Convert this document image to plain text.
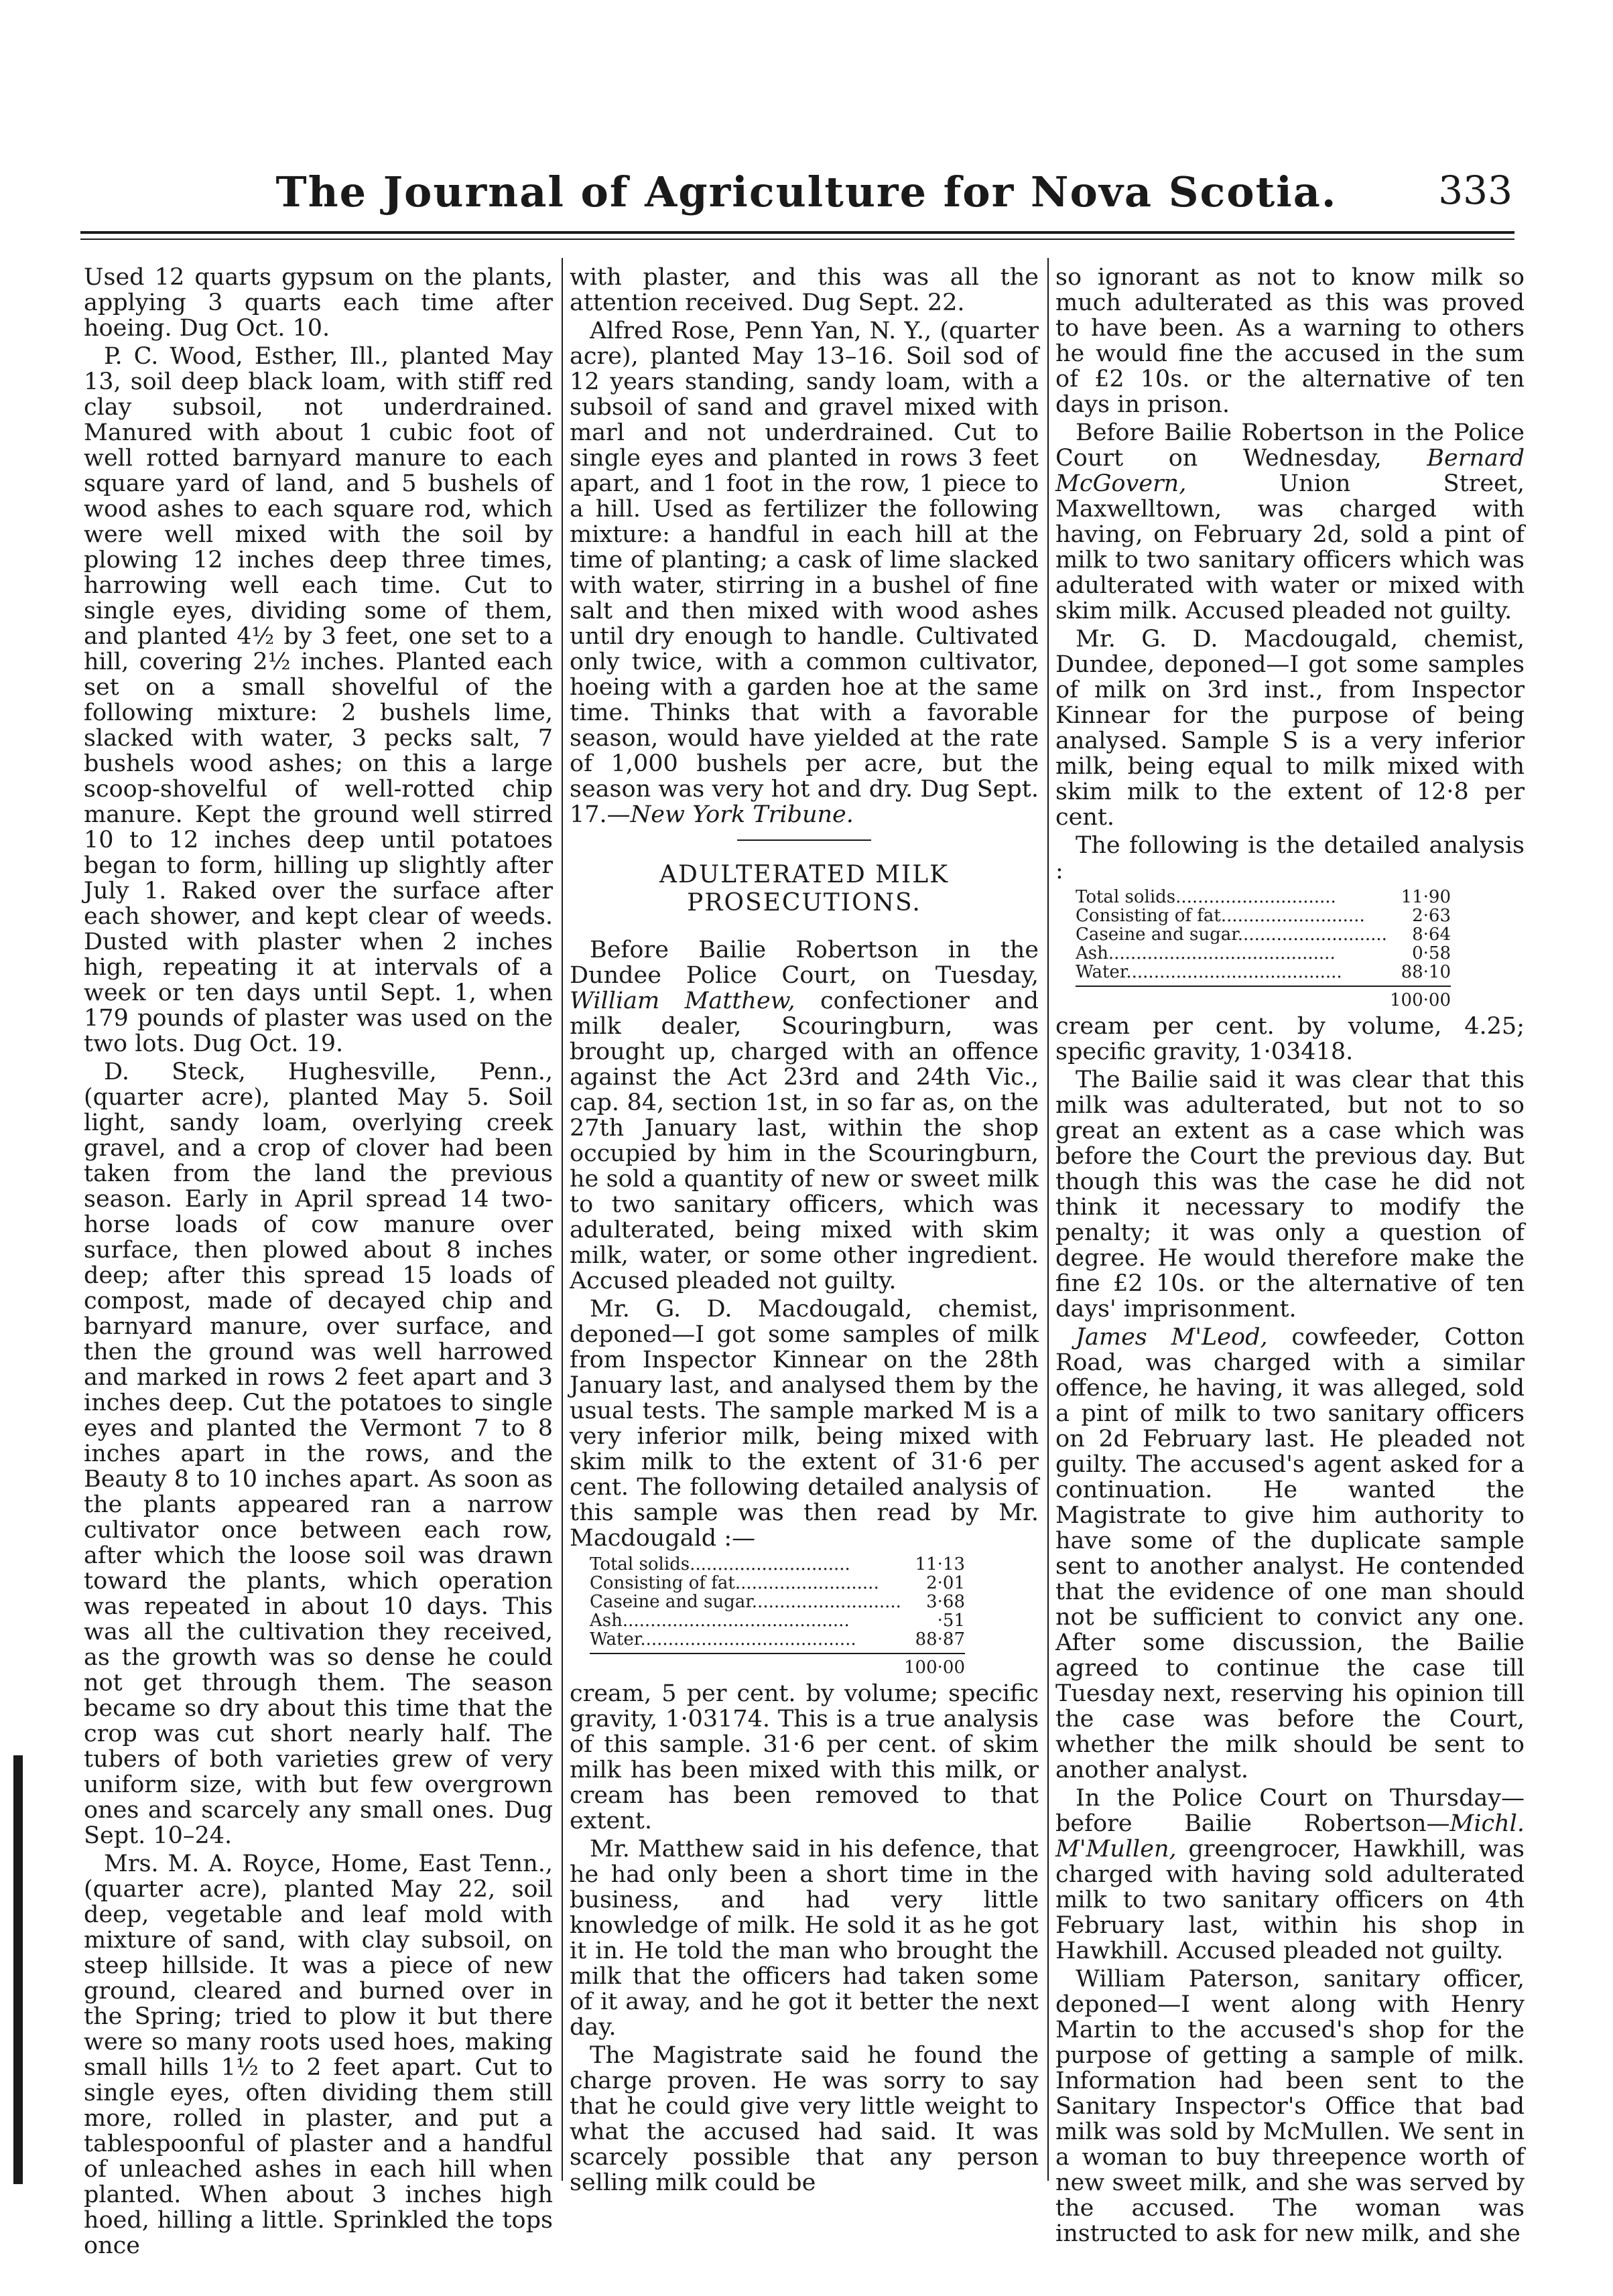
The Journal of Agriculture for Nova Scotia.	333

Used 12 quarts gypsum on the plants, applying 3 quarts each time after hoeing. Dug Oct. 10.

P. C. Wood, Esther, Ill., planted May 13, soil deep black loam, with stiff red clay subsoil, not underdrained. Manured with about 1 cubic foot of well rotted barnyard manure to each square yard of land, and 5 bushels of wood ashes to each square rod, which were well mixed with the soil by plowing 12 inches deep three times, harrowing well each time. Cut to single eyes, dividing some of them, and planted 4½ by 3 feet, one set to a hill, covering 2½ inches. Planted each set on a small shovelful of the following mixture: 2 bushels lime, slacked with water, 3 pecks salt, 7 bushels wood ashes; on this a large scoop-shovelful of well-rotted chip manure. Kept the ground well stirred 10 to 12 inches deep until potatoes began to form, hilling up slightly after July 1. Raked over the surface after each shower, and kept clear of weeds. Dusted with plaster when 2 inches high, repeating it at intervals of a week or ten days until Sept. 1, when 179 pounds of plaster was used on the two lots. Dug Oct. 19.

D. Steck, Hughesville, Penn., (quarter acre), planted May 5. Soil light, sandy loam, overlying creek gravel, and a crop of clover had been taken from the land the previous season. Early in April spread 14 two-horse loads of cow manure over surface, then plowed about 8 inches deep; after this spread 15 loads of compost, made of decayed chip and barnyard manure, over surface, and then the ground was well harrowed and marked in rows 2 feet apart and 3 inches deep. Cut the potatoes to single eyes and planted the Vermont 7 to 8 inches apart in the rows, and the Beauty 8 to 10 inches apart. As soon as the plants appeared ran a narrow cultivator once between each row, after which the loose soil was drawn toward the plants, which operation was repeated in about 10 days. This was all the cultivation they received, as the growth was so dense he could not get through them. The season became so dry about this time that the crop was cut short nearly half. The tubers of both varieties grew of very uniform size, with but few overgrown ones and scarcely any small ones. Dug Sept. 10–24.

Mrs. M. A. Royce, Home, East Tenn., (quarter acre), planted May 22, soil deep, vegetable and leaf mold with mixture of sand, with clay subsoil, on steep hillside. It was a piece of new ground, cleared and burned over in the Spring; tried to plow it but there were so many roots used hoes, making small hills 1½ to 2 feet apart. Cut to single eyes, often dividing them still more, rolled in plaster, and put a tablespoonful of plaster and a handful of unleached ashes in each hill when planted. When about 3 inches high hoed, hilling a little. Sprinkled the tops once

with plaster, and this was all the attention received. Dug Sept. 22.

Alfred Rose, Penn Yan, N. Y., (quarter acre), planted May 13–16. Soil sod of 12 years standing, sandy loam, with a subsoil of sand and gravel mixed with marl and not underdrained. Cut to single eyes and planted in rows 3 feet apart, and 1 foot in the row, 1 piece to a hill. Used as fertilizer the following mixture: a handful in each hill at the time of planting; a cask of lime slacked with water, stirring in a bushel of fine salt and then mixed with wood ashes until dry enough to handle. Cultivated only twice, with a common cultivator, hoeing with a garden hoe at the same time. Thinks that with a favorable season, would have yielded at the rate of 1,000 bushels per acre, but the season was very hot and dry. Dug Sept. 17.—New York Tribune.

ADULTERATED MILK PROSECUTIONS.

Before Bailie Robertson in the Dundee Police Court, on Tuesday, William Matthew, confectioner and milk dealer, Scouringburn, was brought up, charged with an offence against the Act 23rd and 24th Vic., cap. 84, section 1st, in so far as, on the 27th January last, within the shop occupied by him in the Scouringburn, he sold a quantity of new or sweet milk to two sanitary officers, which was adulterated, being mixed with skim milk, water, or some other ingredient. Accused pleaded not guilty.

Mr. G. D. Macdougald, chemist, deponed—I got some samples of milk from Inspector Kinnear on the 28th January last, and analysed them by the usual tests. The sample marked M is a very inferior milk, being mixed with skim milk to the extent of 31·6 per cent. The following detailed analysis of this sample was then read by Mr. Macdougald :—

Total solids.............................	11·13
Consisting of fat..........................	2·01
Caseine and sugar........................... 3·68
Ash.........................................	·51
Water.......................................	88·87
100·00

cream, 5 per cent. by volume; specific gravity, 1·03174. This is a true analysis of this sample. 31·6 per cent. of skim milk has been mixed with this milk, or cream has been removed to that extent.

Mr. Matthew said in his defence, that he had only been a short time in the business, and had very little knowledge of milk. He sold it as he got it in. He told the man who brought the milk that the officers had taken some of it away, and he got it better the next day.

The Magistrate said he found the charge proven. He was sorry to say that he could give very little weight to what the accused had said. It was scarcely possible that any person selling milk could be

so ignorant as not to know milk so much adulterated as this was proved to have been. As a warning to others he would fine the accused in the sum of £2 10s. or the alternative of ten days in prison.

Before Bailie Robertson in the Police Court on Wednesday, Bernard McGovern, Union Street, Maxwelltown, was charged with having, on February 2d, sold a pint of milk to two sanitary officers which was adulterated with water or mixed with skim milk. Accused pleaded not guilty.

Mr. G. D. Macdougald, chemist, Dundee, deponed—I got some samples of milk on 3rd inst., from Inspector Kinnear for the purpose of being analysed. Sample S is a very inferior milk, being equal to milk mixed with skim milk to the extent of 12·8 per cent.

The following is the detailed analysis :

Total solids.............................	11·90
Consisting of fat..........................	2·63
Caseine and sugar........................... 8·64
Ash.........................................	0·58
Water.......................................	88·10
100·00

cream per cent. by volume, 4.25; specific gravity, 1·03418.

The Bailie said it was clear that this milk was adulterated, but not to so great an extent as a case which was before the Court the previous day. But though this was the case he did not think it necessary to modify the penalty; it was only a question of degree. He would therefore make the fine £2 10s. or the alternative of ten days' imprisonment.

James M'Leod, cowfeeder, Cotton Road, was charged with a similar offence, he having, it was alleged, sold a pint of milk to two sanitary officers on 2d February last. He pleaded not guilty. The accused's agent asked for a continuation. He wanted the Magistrate to give him authority to have some of the duplicate sample sent to another analyst. He contended that the evidence of one man should not be sufficient to convict any one. After some discussion, the Bailie agreed to continue the case till Tuesday next, reserving his opinion till the case was before the Court, whether the milk should be sent to another analyst.

In the Police Court on Thursday—before Bailie Robertson—Michl. M'Mullen, greengrocer, Hawkhill, was charged with having sold adulterated milk to two sanitary officers on 4th February last, within his shop in Hawkhill. Accused pleaded not guilty.

William Paterson, sanitary officer, deponed—I went along with Henry Martin to the accused's shop for the purpose of getting a sample of milk. Information had been sent to the Sanitary Inspector's Office that bad milk was sold by McMullen. We sent in a woman to buy threepence worth of new sweet milk, and she was served by the accused. The woman was instructed to ask for new milk, and she
